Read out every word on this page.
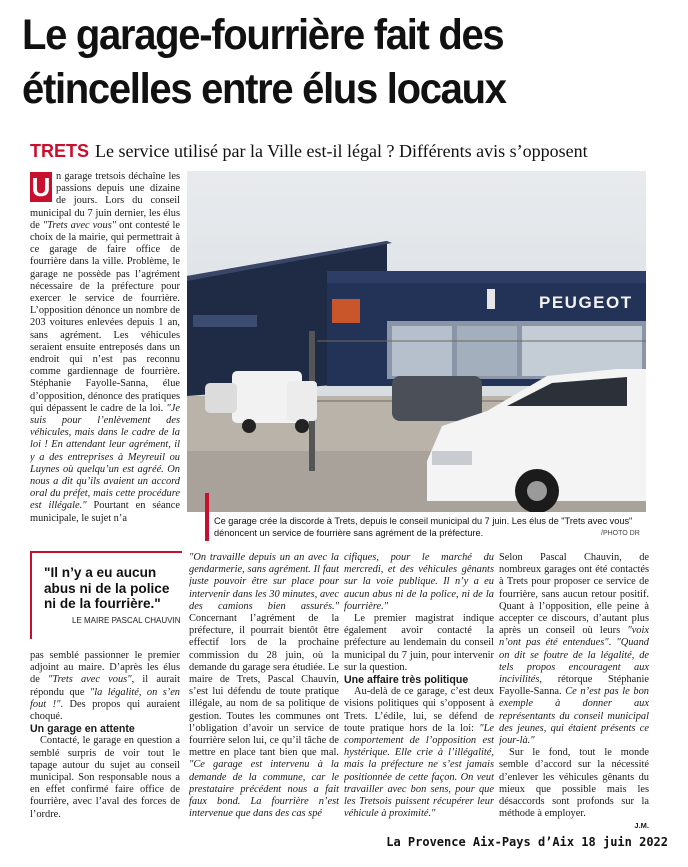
Le garage-fourrière fait des
étincelles entre élus locaux
TRETS Le service utilisé par la Ville est-il légal ? Différents avis s’opposent

U n garage tretsois déchaîne les passions depuis une dizaine de jours. Lors du conseil municipal du 7 juin dernier, les élus de "Trets avec vous" ont contesté le choix de la mairie, qui permettrait à ce garage de faire office de fourrière dans la ville. Problème, le garage ne possède pas l’agrément nécessaire de la préfecture pour exercer le service de fourrière. L’opposition dénonce un nombre de 203 voitures enlevées depuis 1 an, sans agrément. Les véhicules seraient ensuite entreposés dans un endroit qui n’est pas reconnu comme gardiennage de fourrière. Stéphanie Fayolle-Sanna, élue d’opposition, dénonce des pratiques qui dépassent le cadre de la loi. "Je suis pour l’enlèvement des véhicules, mais dans le cadre de la loi ! En attendant leur agrément, il y a des entreprises à Meyreuil ou Luynes où quelqu’un est agréé. On nous a dit qu’ils avaient un accord oral du préfet, mais cette procédure est illégale." Pourtant en séance municipale, le sujet n’a

"Il n’y a eu aucun abus ni de la police ni de la fourrière."
LE MAIRE PASCAL CHAUVIN

pas semblé passionner le premier adjoint au maire. D’après les élus de "Trets avec vous", il aurait répondu que "la légalité, on s’en fout !". Des propos qui auraient choqué.

Un garage en attente

Contacté, le garage en question a semblé surpris de voir tout le tapage autour du sujet au conseil municipal. Son responsable nous a en effet confirmé faire office de fourrière, avec l’aval des forces de l’ordre.

PEUGEOT
Ce garage crée la discorde à Trets, depuis le conseil municipal du 7 juin. Les élus de "Trets avec vous" dénoncent un service de fourrière sans agrément de la préfecture.	/PHOTO DR

"On travaille depuis un an avec la gendarmerie, sans agrément. Il faut juste pouvoir être sur place pour intervenir dans les 30 minutes, avec des camions bien assurés." Concernant l’agrément de la préfecture, il pourrait bientôt être effectif lors de la prochaine commission du 28 juin, où la demande du garage sera étudiée. Le maire de Trets, Pascal Chauvin, s’est lui défendu de toute pratique illégale, au nom de sa politique de gestion. Toutes les communes ont l’obligation d’avoir un service de fourrière selon lui, ce qu’il tâche de mettre en place tant bien que mal. "Ce garage est intervenu à la demande de la commune, car le prestataire précédent nous a fait faux bond. La fourrière n’est intervenue que dans des cas spé

cifiques, pour le marché du mercredi, et des véhicules gênants sur la voie publique. Il n’y a eu aucun abus ni de la police, ni de la fourrière."

Le premier magistrat indique également avoir contacté la préfecture au lendemain du conseil municipal du 7 juin, pour intervenir sur la question.

Une affaire très politique

Au-delà de ce garage, c’est deux visions politiques qui s’opposent à Trets. L’édile, lui, se défend de toute pratique hors de la loi: "Le comportement de l’opposition est hystérique. Elle crie à l’illégalité, mais la préfecture ne s’est jamais positionnée de cette façon. On veut travailler avec bon sens, pour que les Tretsois puissent récupérer leur véhicule à proximité."

Selon Pascal Chauvin, de nombreux garages ont été contactés à Trets pour proposer ce service de fourrière, sans aucun retour positif. Quant à l’opposition, elle peine à accepter ce discours, d’autant plus après un conseil où leurs "voix n’ont pas été entendues". "Quand on dit se foutre de la légalité, de tels propos encouragent aux incivilités, rétorque Stéphanie Fayolle-Sanna. Ce n’est pas le bon exemple à donner aux représentants du conseil municipal des jeunes, qui étaient présents ce jour-là."

Sur le fond, tout le monde semble d’accord sur la nécessité d’enlever les véhicules gênants du mieux que possible mais les désaccords sont profonds sur la méthode à employer.

J.M.

La Provence Aix-Pays d’Aix 18 juin 2022
